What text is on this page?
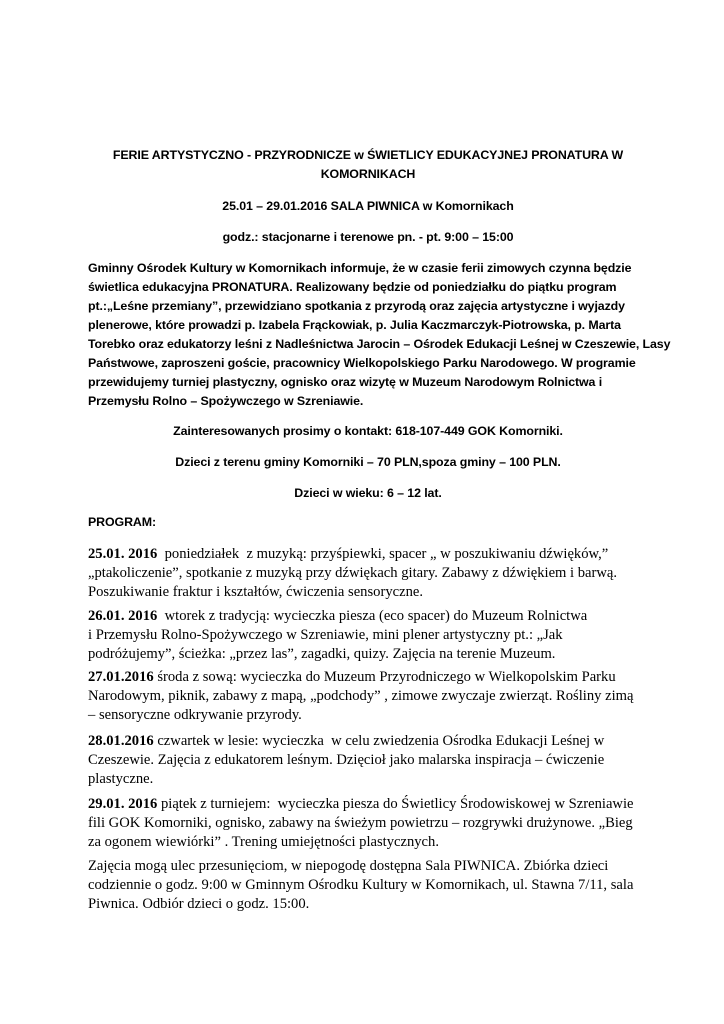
FERIE ARTYSTYCZNO - PRZYRODNICZE w ŚWIETLICY EDUKACYJNEJ PRONATURA W
KOMORNIKACH
25.01 – 29.01.2016 SALA PIWNICA w Komornikach
godz.: stacjonarne i terenowe pn. - pt. 9:00 – 15:00
Gminny Ośrodek Kultury w Komornikach informuje, że w czasie ferii zimowych czynna będzie
świetlica edukacyjna PRONATURA. Realizowany będzie od poniedziałku do piątku program
pt.:„Leśne przemiany”, przewidziano spotkania z przyrodą oraz zajęcia artystyczne i wyjazdy
plenerowe, które prowadzi p. Izabela Frąckowiak, p. Julia Kaczmarczyk-Piotrowska, p. Marta
Torebko oraz edukatorzy leśni z Nadleśnictwa Jarocin – Ośrodek Edukacji Leśnej w Czeszewie, Lasy
Państwowe, zaproszeni goście, pracownicy Wielkopolskiego Parku Narodowego. W programie
przewidujemy turniej plastyczny, ognisko oraz wizytę w Muzeum Narodowym Rolnictwa i
Przemysłu Rolno – Spożywczego w Szreniawie.
Zainteresowanych prosimy o kontakt: 618-107-449 GOK Komorniki.
Dzieci z terenu gminy Komorniki – 70 PLN,spoza gminy – 100 PLN.
Dzieci w wieku: 6 – 12 lat.
PROGRAM:
25.01. 2016  poniedziałek  z muzyką: przyśpiewki, spacer „ w poszukiwaniu dźwięków,”
„ptakoliczenie”, spotkanie z muzyką przy dźwiękach gitary. Zabawy z dźwiękiem i barwą.
Poszukiwanie fraktur i kształtów, ćwiczenia sensoryczne.
26.01. 2016  wtorek z tradycją: wycieczka piesza (eco spacer) do Muzeum Rolnictwa
i Przemysłu Rolno-Spożywczego w Szreniawie, mini plener artystyczny pt.: „Jak
podróżujemy”, ścieżka: „przez las”, zagadki, quizy. Zajęcia na terenie Muzeum.
27.01.2016 środa z sową: wycieczka do Muzeum Przyrodniczego w Wielkopolskim Parku
Narodowym, piknik, zabawy z mapą, „podchody” , zimowe zwyczaje zwierząt. Rośliny zimą
– sensoryczne odkrywanie przyrody.
28.01.2016 czwartek w lesie: wycieczka  w celu zwiedzenia Ośrodka Edukacji Leśnej w
Czeszewie. Zajęcia z edukatorem leśnym. Dzięcioł jako malarska inspiracja – ćwiczenie
plastyczne.
29.01. 2016 piątek z turniejem:  wycieczka piesza do Świetlicy Środowiskowej w Szreniawie
fili GOK Komorniki, ognisko, zabawy na świeżym powietrzu – rozgrywki drużynowe. „Bieg
za ogonem wiewiórki” . Trening umiejętności plastycznych.
Zajęcia mogą ulec przesunięciom, w niepogodę dostępna Sala PIWNICA. Zbiórka dzieci
codziennie o godz. 9:00 w Gminnym Ośrodku Kultury w Komornikach, ul. Stawna 7/11, sala
Piwnica. Odbiór dzieci o godz. 15:00.
